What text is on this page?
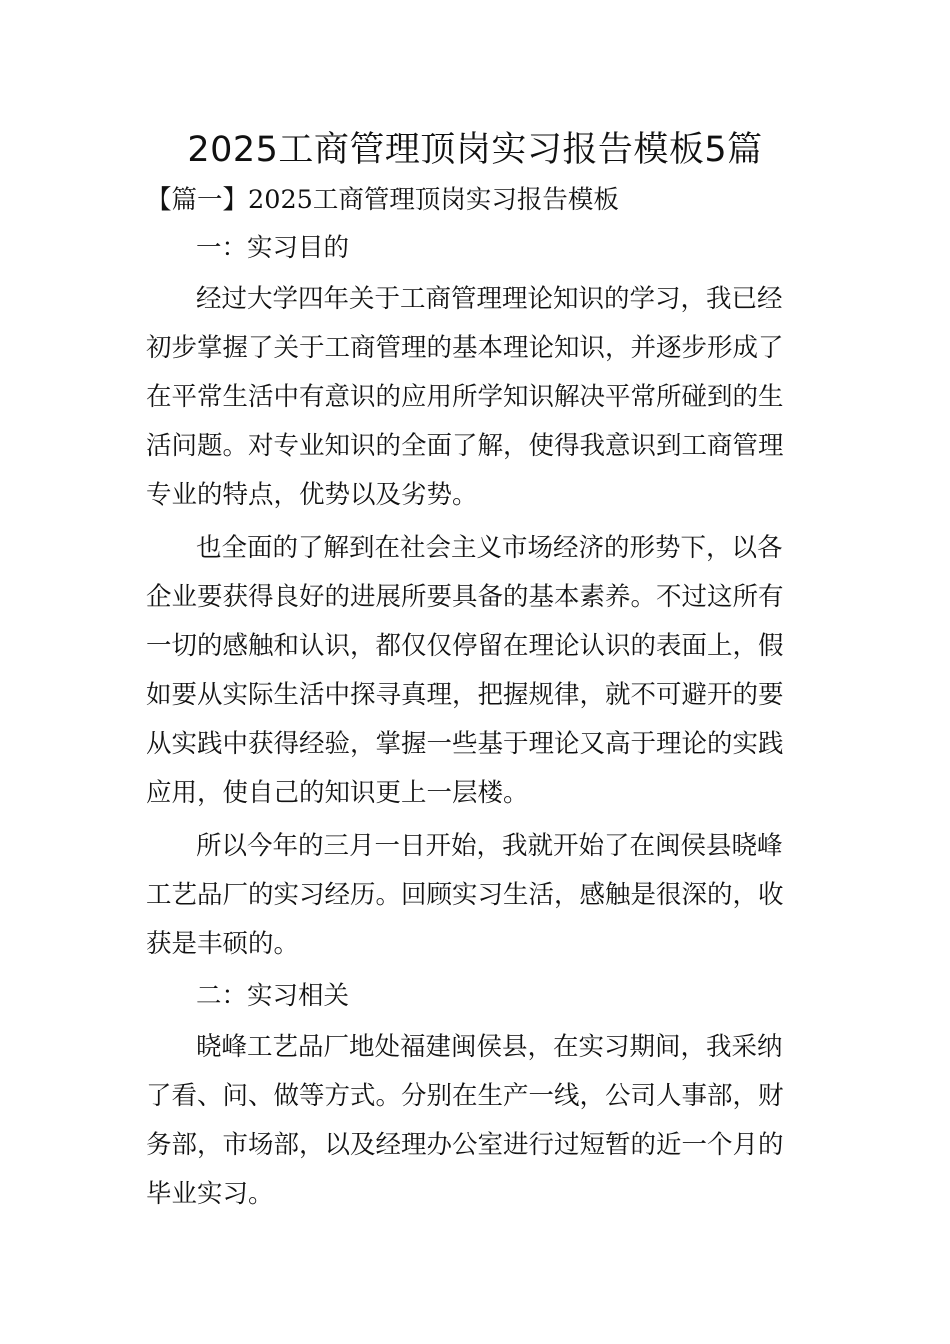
2025工商管理顶岗实习报告模板5篇

【篇一】2025工商管理顶岗实习报告模板

一：实习目的

经过大学四年关于工商管理理论知识的学习，我已经

初步掌握了关于工商管理的基本理论知识，并逐步形成了

在平常生活中有意识的应用所学知识解决平常所碰到的生

活问题。对专业知识的全面了解，使得我意识到工商管理

专业的特点，优势以及劣势。

也全面的了解到在社会主义市场经济的形势下，以各

企业要获得良好的进展所要具备的基本素养。不过这所有

一切的感触和认识，都仅仅停留在理论认识的表面上，假

如要从实际生活中探寻真理，把握规律，就不可避开的要

从实践中获得经验，掌握一些基于理论又高于理论的实践

应用，使自己的知识更上一层楼。

所以今年的三月一日开始，我就开始了在闽侯县晓峰

工艺品厂的实习经历。回顾实习生活，感触是很深的，收

获是丰硕的。

二：实习相关

晓峰工艺品厂地处福建闽侯县，在实习期间，我采纳

了看、问、做等方式。分别在生产一线，公司人事部，财

务部，市场部，以及经理办公室进行过短暂的近一个月的

毕业实习。
